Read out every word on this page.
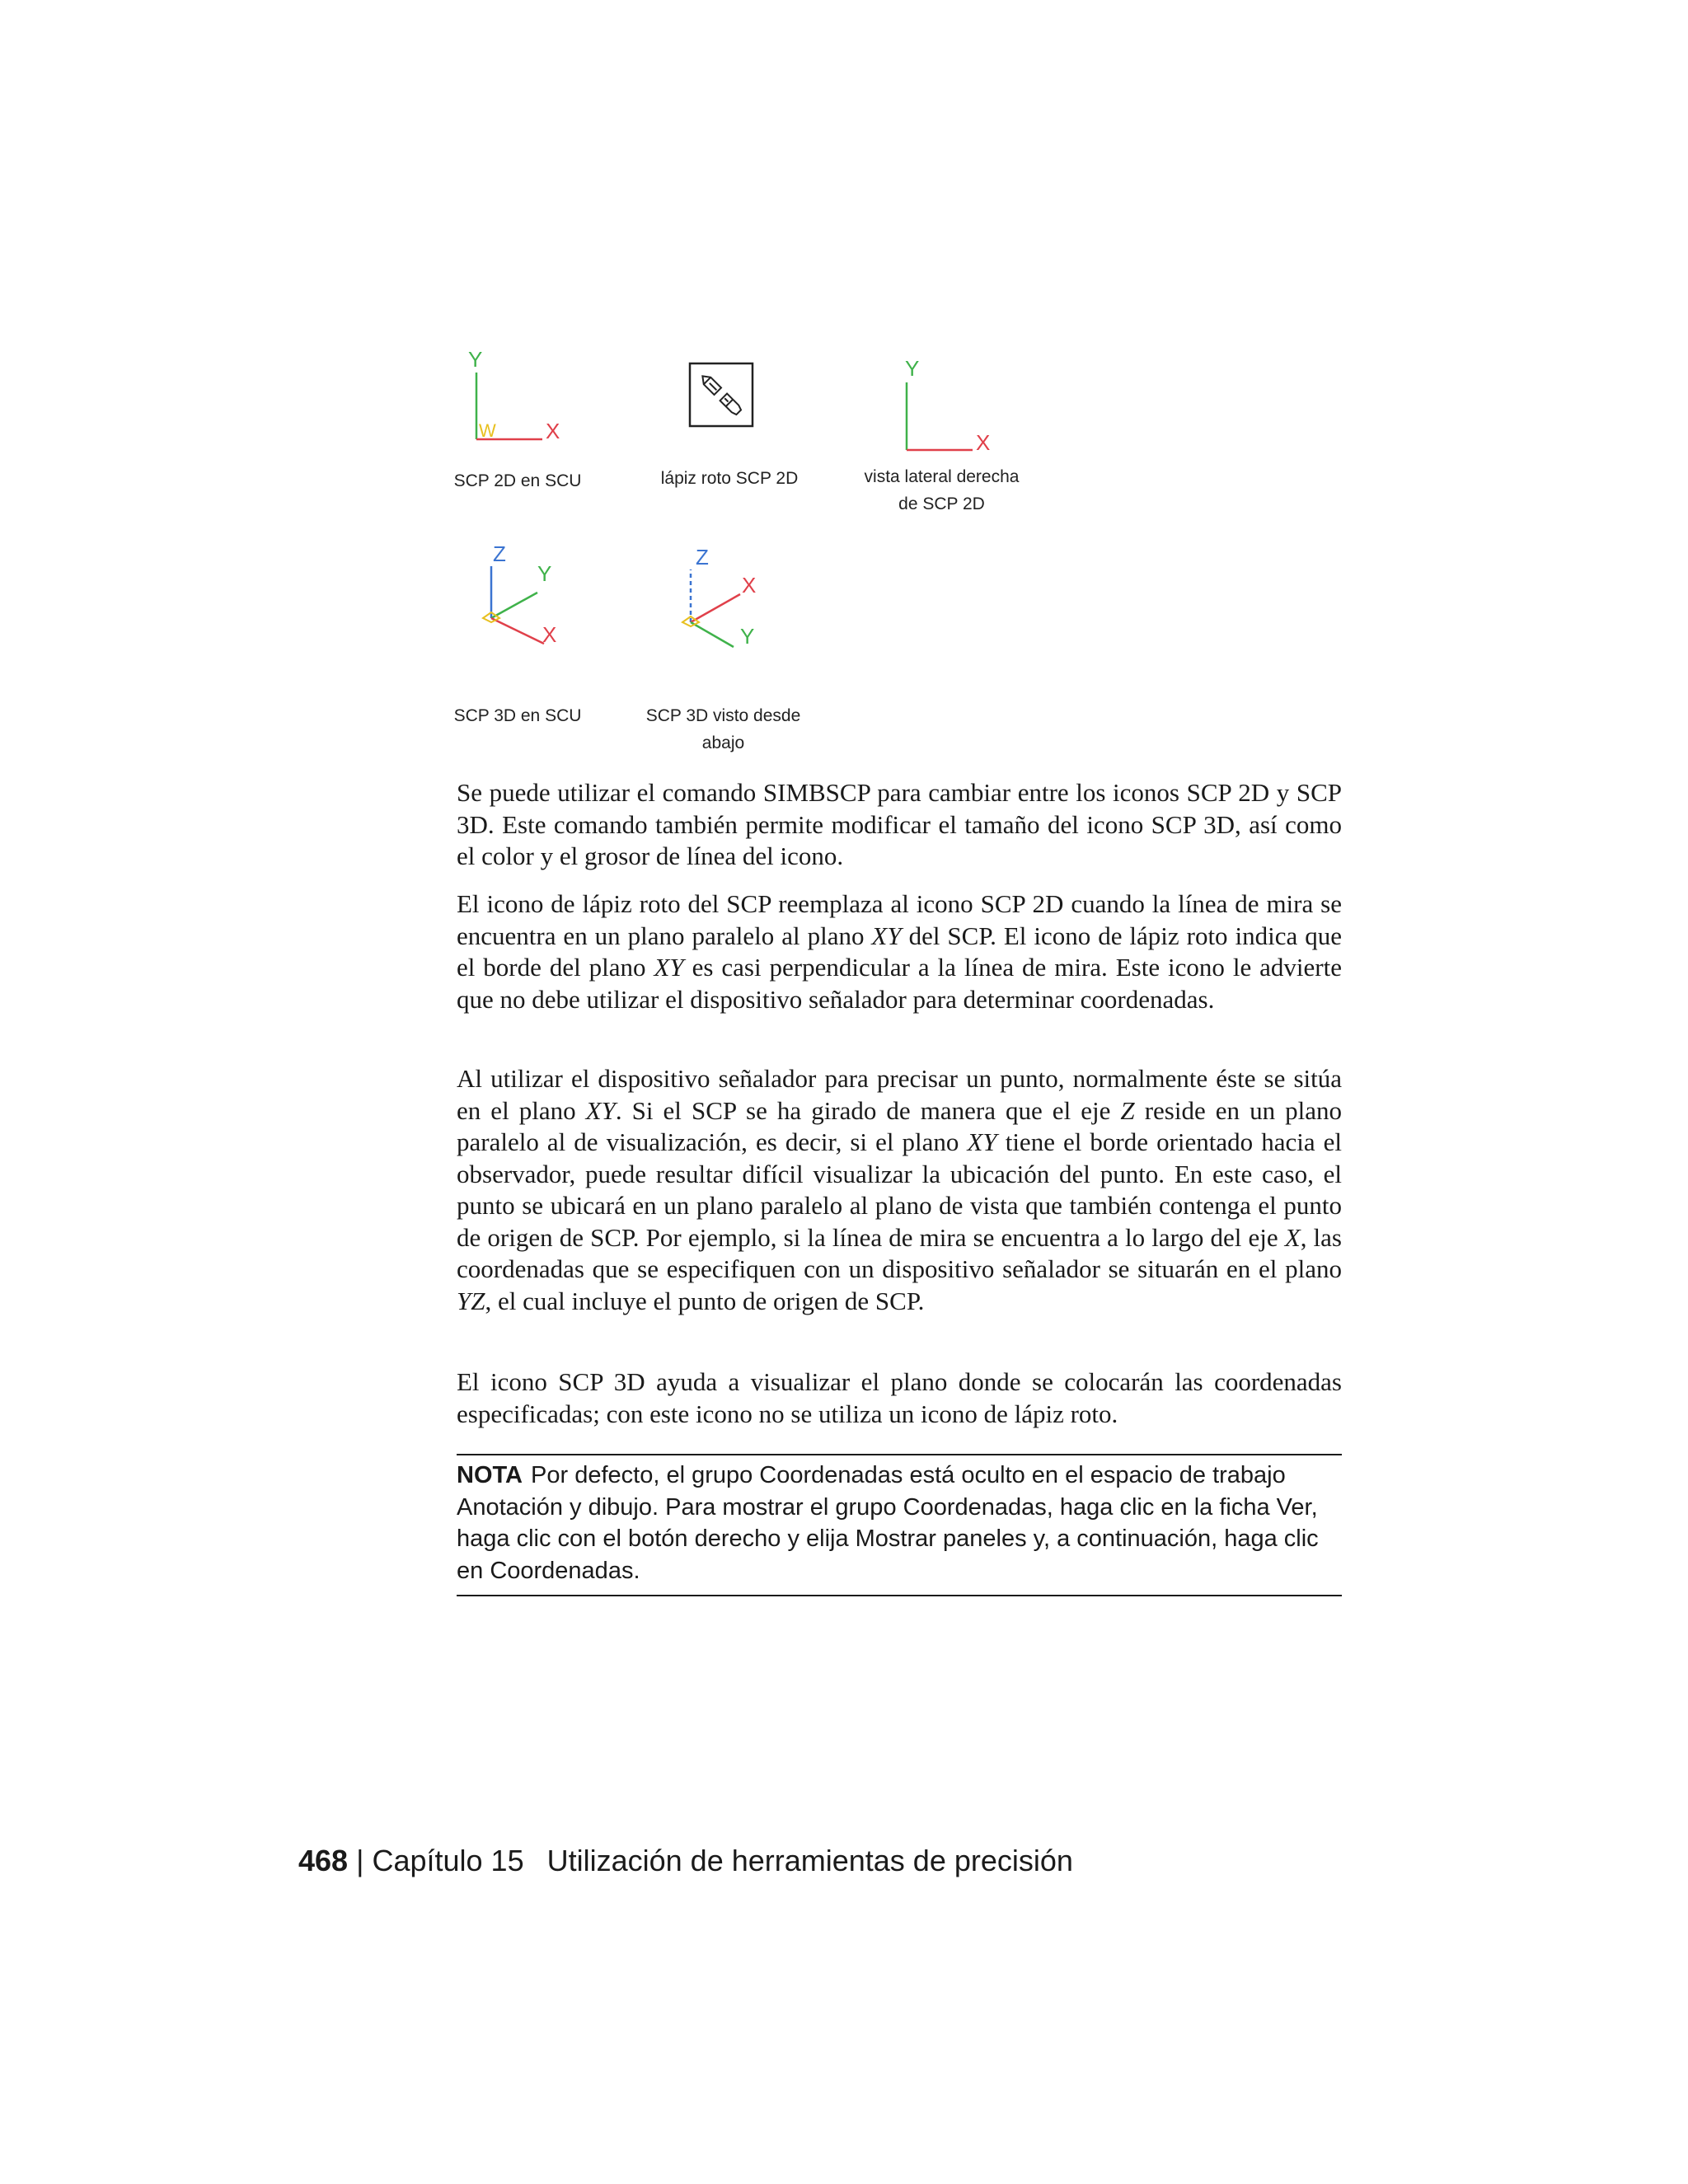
Y
X
W
SCP 2D en SCU	lápiz roto SCP 2D
Y
X
vista lateral derecha
de SCP 2D
Z
Y
X
SCP 3D en SCU
Z
X
Y
SCP 3D visto desde
abajo

Se puede utilizar el comando SIMBSCP para cambiar entre los iconos SCP 2D y SCP 3D. Este comando también permite modificar el tamaño del icono SCP 3D, así como el color y el grosor de línea del icono.

El icono de lápiz roto del SCP reemplaza al icono SCP 2D cuando la línea de mira se encuentra en un plano paralelo al plano XY del SCP. El icono de lápiz roto indica que el borde del plano XY es casi perpendicular a la línea de mira. Este icono le advierte que no debe utilizar el dispositivo señalador para determinar coordenadas.

Al utilizar el dispositivo señalador para precisar un punto, normalmente éste se sitúa en el plano XY. Si el SCP se ha girado de manera que el eje Z reside en un plano paralelo al de visualización, es decir, si el plano XY tiene el borde orientado hacia el observador, puede resultar difícil visualizar la ubicación del punto. En este caso, el punto se ubicará en un plano paralelo al plano de vista que también contenga el punto de origen de SCP. Por ejemplo, si la línea de mira se encuentra a lo largo del eje X, las coordenadas que se especifiquen con un dispositivo señalador se situarán en el plano YZ, el cual incluye el punto de origen de SCP.

El icono SCP 3D ayuda a visualizar el plano donde se colocarán las coordenadas especificadas; con este icono no se utiliza un icono de lápiz roto.

NOTA Por defecto, el grupo Coordenadas está oculto en el espacio de trabajo Anotación y dibujo. Para mostrar el grupo Coordenadas, haga clic en la ficha Ver, haga clic con el botón derecho y elija Mostrar paneles y, a continuación, haga clic en Coordenadas.
468 | Capítulo 15 Utilización de herramientas de precisión
